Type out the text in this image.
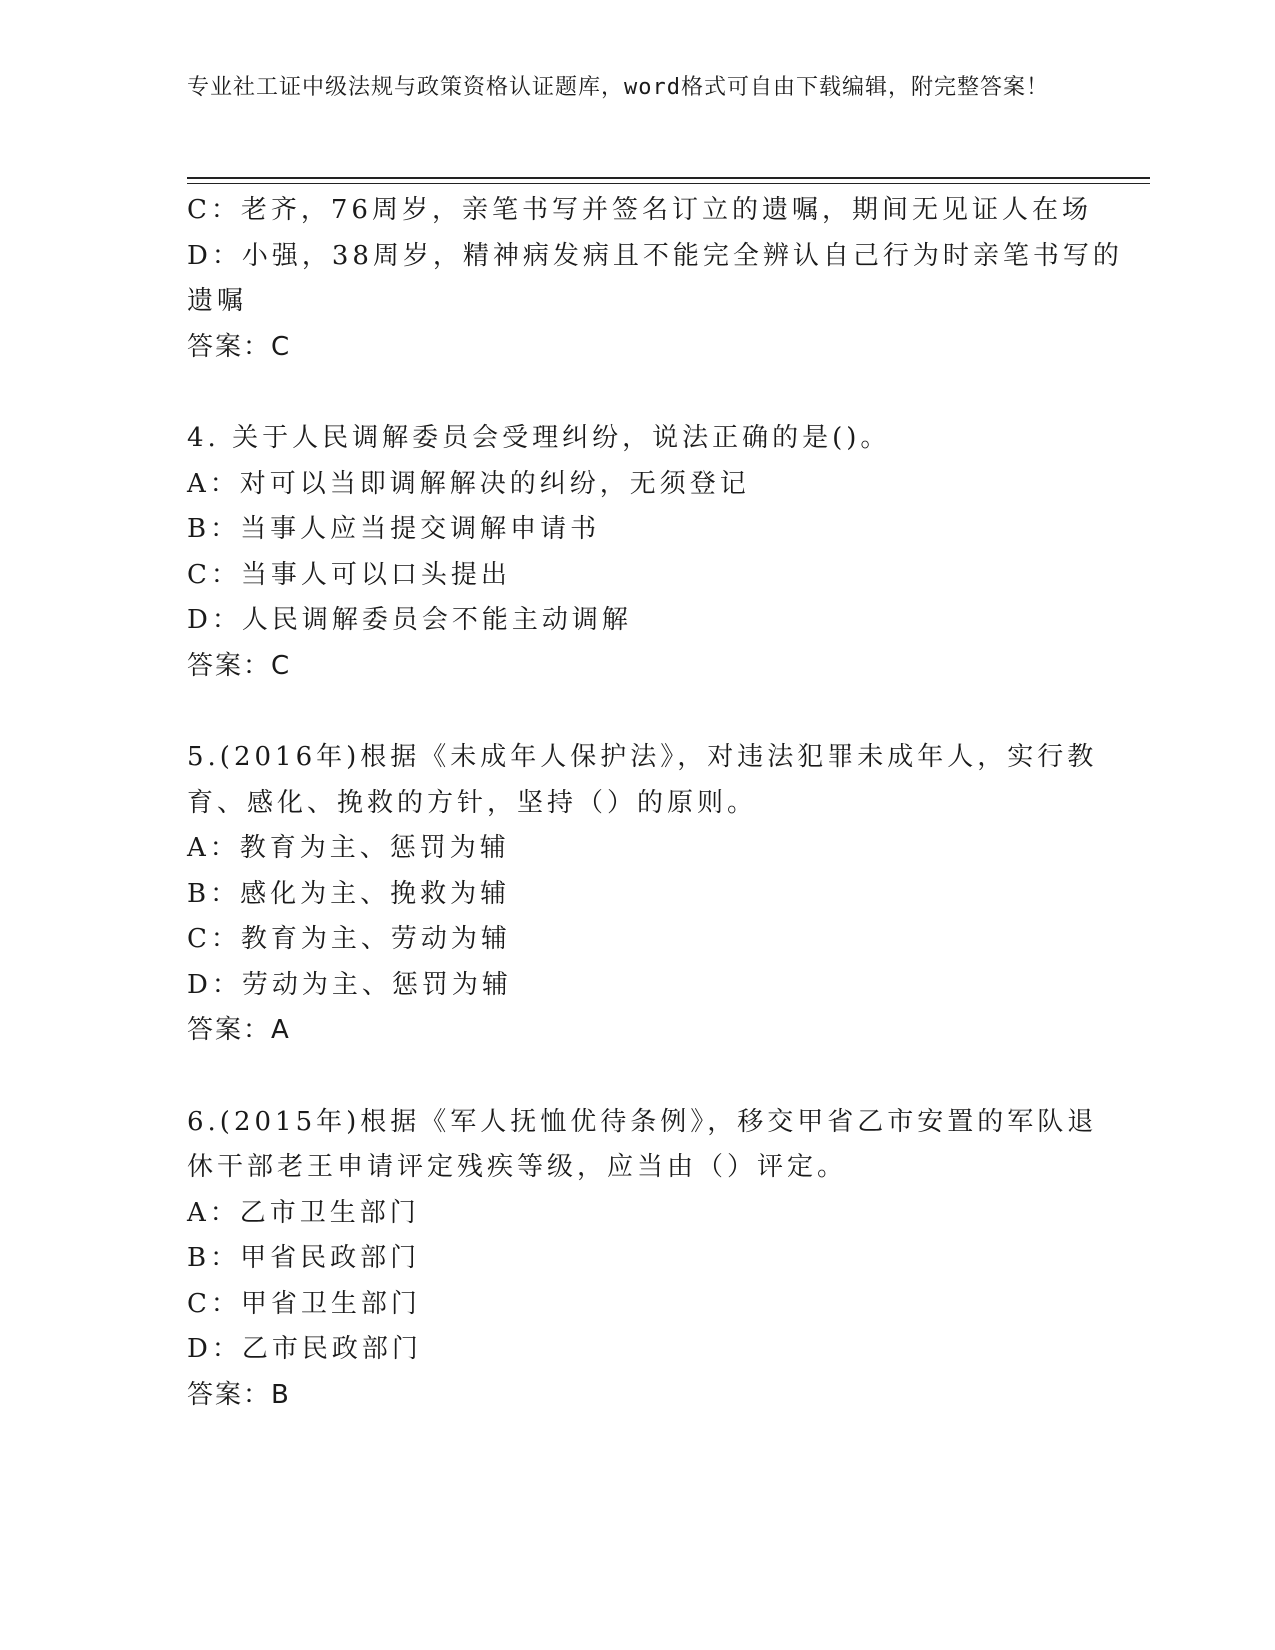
专业社工证中级法规与政策资格认证题库，word格式可自由下载编辑，附完整答案！
C：老齐，76周岁，亲笔书写并签名订立的遗嘱，期间无见证人在场
D：小强，38周岁，精神病发病且不能完全辨认自己行为时亲笔书写的
遗嘱
答案：C
4. 关于人民调解委员会受理纠纷，说法正确的是()。
A：对可以当即调解解决的纠纷，无须登记
B：当事人应当提交调解申请书
C：当事人可以口头提出
D：人民调解委员会不能主动调解
答案：C
5.(2016年)根据《未成年人保护法》，对违法犯罪未成年人，实行教
育、感化、挽救的方针，坚持（）的原则。
A：教育为主、惩罚为辅
B：感化为主、挽救为辅
C：教育为主、劳动为辅
D：劳动为主、惩罚为辅
答案：A
6.(2015年)根据《军人抚恤优待条例》，移交甲省乙市安置的军队退
休干部老王申请评定残疾等级，应当由（）评定。
A：乙市卫生部门
B：甲省民政部门
C：甲省卫生部门
D：乙市民政部门
答案：B
